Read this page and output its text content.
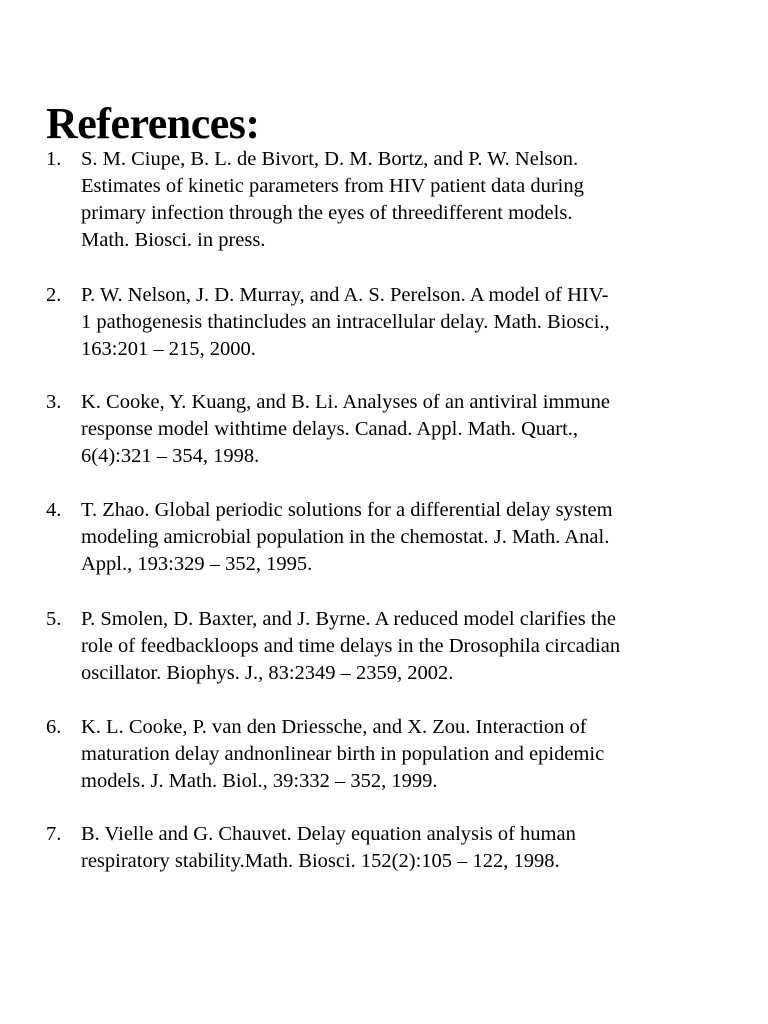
References:
1. S. M. Ciupe, B. L. de Bivort, D. M. Bortz, and P. W. Nelson.
Estimates of kinetic parameters from HIV patient data during
primary infection through the eyes of threedifferent models.
Math. Biosci. in press.
2. P. W. Nelson, J. D. Murray, and A. S. Perelson. A model of HIV-
1 pathogenesis thatincludes an intracellular delay. Math. Biosci.,
163:201 – 215, 2000.
3. K. Cooke, Y. Kuang, and B. Li. Analyses of an antiviral immune
response model withtime delays. Canad. Appl. Math. Quart.,
6(4):321 – 354, 1998.
4. T. Zhao. Global periodic solutions for a differential delay system
modeling amicrobial population in the chemostat. J. Math. Anal.
Appl., 193:329 – 352, 1995.
5. P. Smolen, D. Baxter, and J. Byrne. A reduced model clarifies the
role of feedbackloops and time delays in the Drosophila circadian
oscillator. Biophys. J., 83:2349 – 2359, 2002.
6. K. L. Cooke, P. van den Driessche, and X. Zou. Interaction of
maturation delay andnonlinear birth in population and epidemic
models. J. Math. Biol., 39:332 – 352, 1999.
7. B. Vielle and G. Chauvet. Delay equation analysis of human
respiratory stability.Math. Biosci. 152(2):105 – 122, 1998.
